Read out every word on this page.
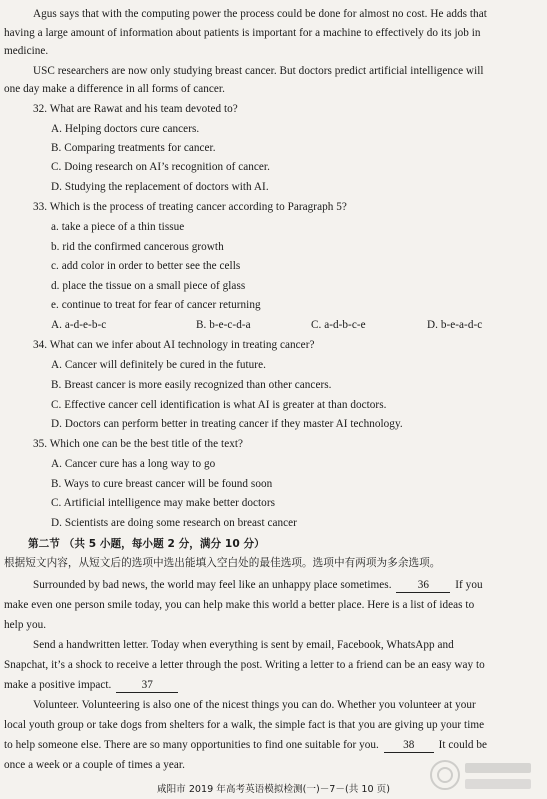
Agus says that with the computing power the process could be done for almost no cost. He adds that
having a large amount of information about patients is important for a machine to effectively do its job in
medicine.
USC researchers are now only studying breast cancer. But doctors predict artificial intelligence will
one day make a difference in all forms of cancer.
32. What are Rawat and his team devoted to?
A. Helping doctors cure cancers.
B. Comparing treatments for cancer.
C. Doing research on AI’s recognition of cancer.
D. Studying the replacement of doctors with AI.
33. Which is the process of treating cancer according to Paragraph 5?
a. take a piece of a thin tissue
b. rid the confirmed cancerous growth
c. add color in order to better see the cells
d. place the tissue on a small piece of glass
e. continue to treat for fear of cancer returning
A. a-d-e-b-c	B. b-e-c-d-a	C. a-d-b-c-e	D. b-e-a-d-c
34. What can we infer about AI technology in treating cancer?
A. Cancer will definitely be cured in the future.
B. Breast cancer is more easily recognized than other cancers.
C. Effective cancer cell identification is what AI is greater at than doctors.
D. Doctors can perform better in treating cancer if they master AI technology.
35. Which one can be the best title of the text?
A. Cancer cure has a long way to go
B. Ways to cure breast cancer will be found soon
C. Artificial intelligence may make better doctors
D. Scientists are doing some research on breast cancer
第二节 （共 5 小题，每小题 2 分，满分 10 分）
根据短文内容，从短文后的选项中选出能填入空白处的最佳选项。选项中有两项为多余选项。
Surrounded by bad news, the world may feel like an unhappy place sometimes. 36 If you
make even one person smile today, you can help make this world a better place. Here is a list of ideas to
help you.
Send a handwritten letter. Today when everything is sent by email, Facebook, WhatsApp and
Snapchat, it’s a shock to receive a letter through the post. Writing a letter to a friend can be an easy way to
make a positive impact.	37
Volunteer. Volunteering is also one of the nicest things you can do. Whether you volunteer at your
local youth group or take dogs from shelters for a walk, the simple fact is that you are giving up your time
to help someone else. There are so many opportunities to find one suitable for you. 38 It could be
once a week or a couple of times a year.
咸阳市 2019 年高考英语模拟检测(一)－7－(共 10 页)
